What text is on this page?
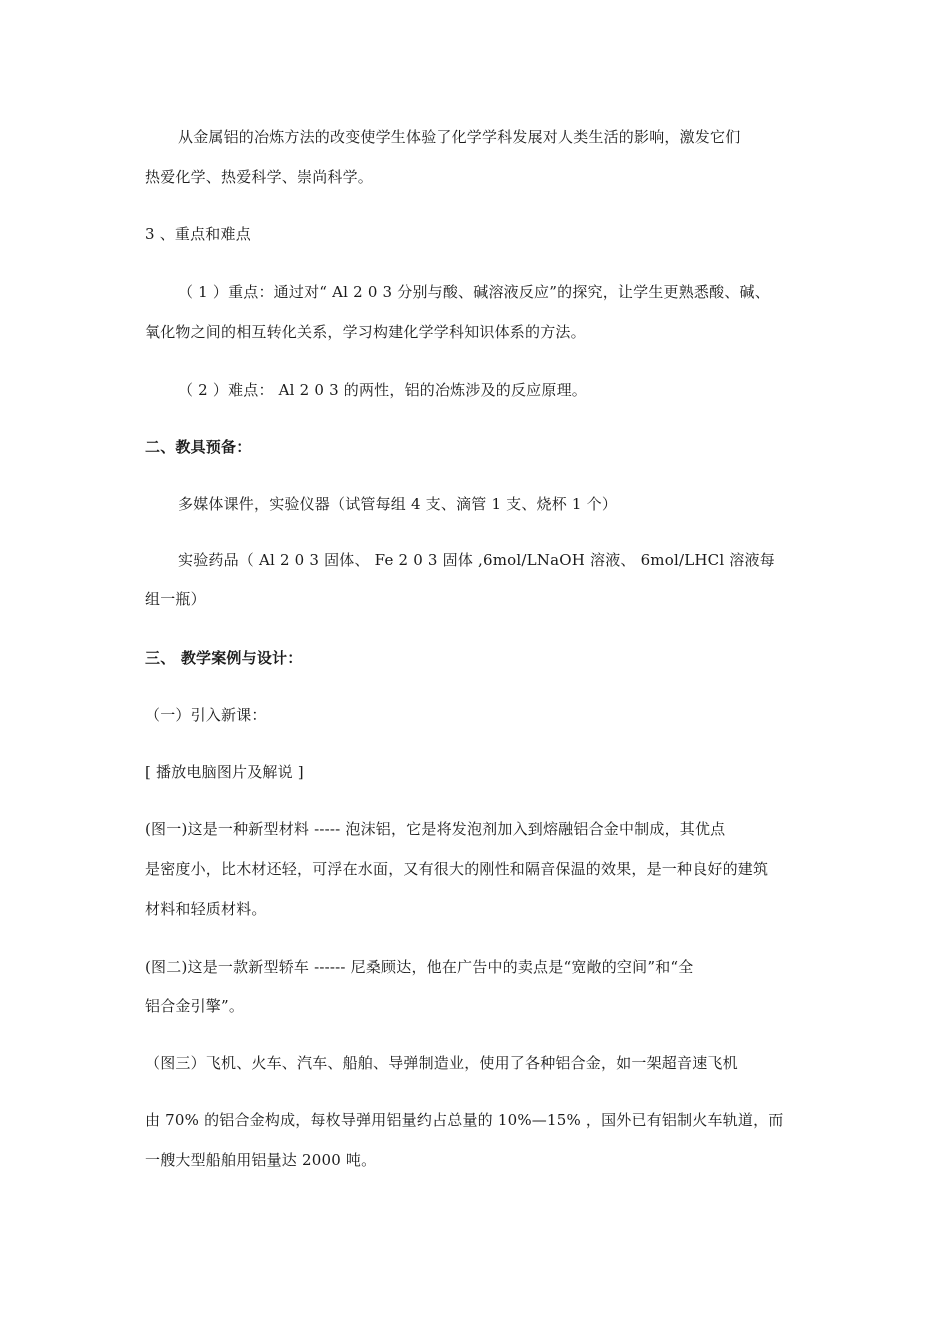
从金属铝的冶炼方法的改变使学生体验了化学学科发展对人类生活的影响，激发它们
热爱化学、热爱科学、崇尚科学。
3 、重点和难点
（ 1 ）重点：通过对“ Al 2 0 3 分别与酸、碱溶液反应”的探究，让学生更熟悉酸、碱、
氧化物之间的相互转化关系，学习构建化学学科知识体系的方法。
（ 2 ）难点： Al 2 0 3 的两性，铝的冶炼涉及的反应原理。
二、教具预备：
多媒体课件，实验仪器（试管每组 4 支、滴管 1 支、烧杯 1 个）
实验药品（ Al 2 0 3 固体、 Fe 2 0 3 固体 ,6mol/LNaOH 溶液、 6mol/LHCl 溶液每
组一瓶）
三、 教学案例与设计：
（一）引入新课：
[ 播放电脑图片及解说 ]
(图一)这是一种新型材料 ----- 泡沫铝，它是将发泡剂加入到熔融铝合金中制成，其优点
是密度小，比木材还轻，可浮在水面，又有很大的刚性和隔音保温的效果，是一种良好的建筑
材料和轻质材料。
(图二)这是一款新型轿车 ------ 尼桑顾达，他在广告中的卖点是“宽敞的空间”和“全
铝合金引擎”。
（图三）飞机、火车、汽车、船舶、导弹制造业，使用了各种铝合金，如一架超音速飞机
由 70% 的铝合金构成，每枚导弹用铝量约占总量的 10%—15% ，国外已有铝制火车轨道，而
一艘大型船舶用铝量达 2000 吨。
